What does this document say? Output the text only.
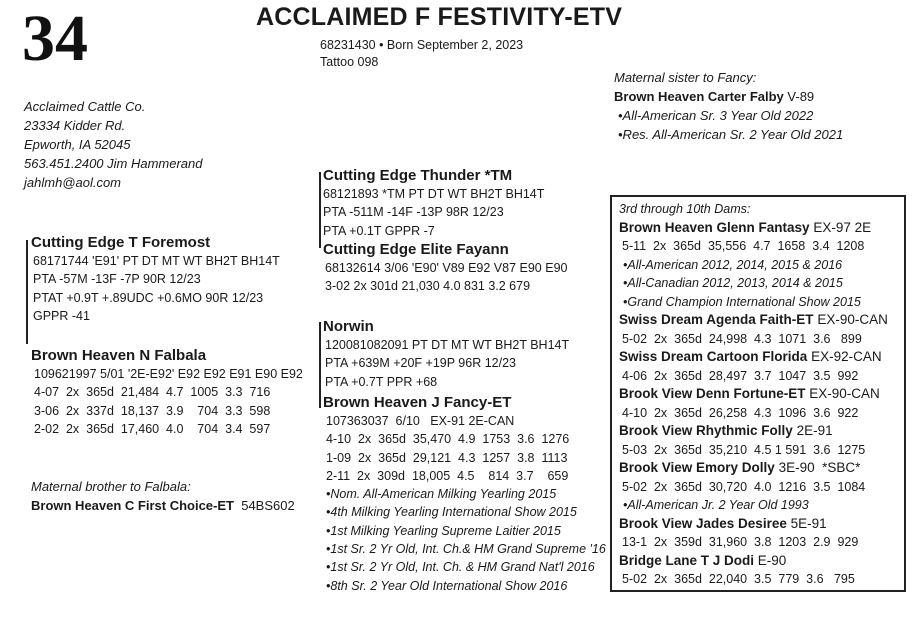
34	ACCLAIMED F FESTIVITY-ETV
68231430 • Born September 2, 2023
Tattoo 098
Acclaimed Cattle Co.
23334 Kidder Rd.
Epworth, IA 52045
563.451.2400 Jim Hammerand
jahlmh@aol.com
Maternal sister to Fancy:
Brown Heaven Carter Falby V-89
•All-American Sr. 3 Year Old 2022
•Res. All-American Sr. 2 Year Old 2021
Cutting Edge Thunder *TM
68121893 *TM PT DT WT BH2T BH14T
PTA -511M -14F -13P 98R 12/23
PTA +0.1T GPPR -7
Cutting Edge T Foremost
68171744 'E91' PT DT MT WT BH2T BH14T
PTA -57M -13F -7P 90R 12/23
PTAT +0.9T +.89UDC +0.6MO 90R 12/23
GPPR -41
Cutting Edge Elite Fayann
68132614 3/06 'E90' V89 E92 V87 E90 E90
3-02 2x 301d 21,030 4.0 831 3.2 679
Brown Heaven N Falbala
109621997 5/01 '2E-E92' E92 E92 E91 E90 E92
4-07  2x  365d  21,484  4.7  1005  3.3  716
3-06  2x  337d  18,137  3.9    704  3.3  598
2-02  2x  365d  17,460  4.0    704  3.4  597
Norwin
120081082091 PT DT MT WT BH2T BH14T
PTA +639M +20F +19P 96R 12/23
PTA +0.7T PPR +68
Brown Heaven J Fancy-ET
107363037  6/10   EX-91 2E-CAN
4-10  2x  365d  35,470  4.9  1753  3.6  1276
1-09  2x  365d  29,121  4.3  1257  3.8  1113
2-11  2x  309d  18,005  4.5    814  3.7    659
•Nom. All-American Milking Yearling 2015
•4th Milking Yearling International Show 2015
•1st Milking Yearling Supreme Laitier 2015
•1st Sr. 2 Yr Old, Int. Ch.& HM Grand Supreme '16
•1st Sr. 2 Yr Old, Int. Ch. & HM Grand Nat'l 2016
•8th Sr. 2 Year Old International Show 2016
Maternal brother to Falbala:
Brown Heaven C First Choice-ET 54BS602
3rd through 10th Dams:
Brown Heaven Glenn Fantasy EX-97 2E
5-11  2x  365d  35,556  4.7  1658  3.4  1208
•All-American 2012, 2014, 2015 & 2016
•All-Canadian 2012, 2013, 2014 & 2015
•Grand Champion International Show 2015
Swiss Dream Agenda Faith-ET EX-90-CAN
5-02  2x  365d  24,998  4.3  1071  3.6   899
Swiss Dream Cartoon Florida EX-92-CAN
4-06  2x  365d  28,497  3.7  1047  3.5  992
Brook View Denn Fortune-ET EX-90-CAN
4-10  2x  365d  26,258  4.3  1096  3.6  922
Brook View Rhythmic Folly 2E-91
5-03  2x  365d  35,210  4.5 1 591  3.6  1275
Brook View Emory Dolly 3E-90  *SBC*
5-02  2x  365d  30,720  4.0  1216  3.5  1084
•All-American Jr. 2 Year Old 1993
Brook View Jades Desiree 5E-91
13-1  2x  359d  31,960  3.8  1203  2.9  929
Bridge Lane T J Dodi E-90
5-02  2x  365d  22,040  3.5  779  3.6   795
